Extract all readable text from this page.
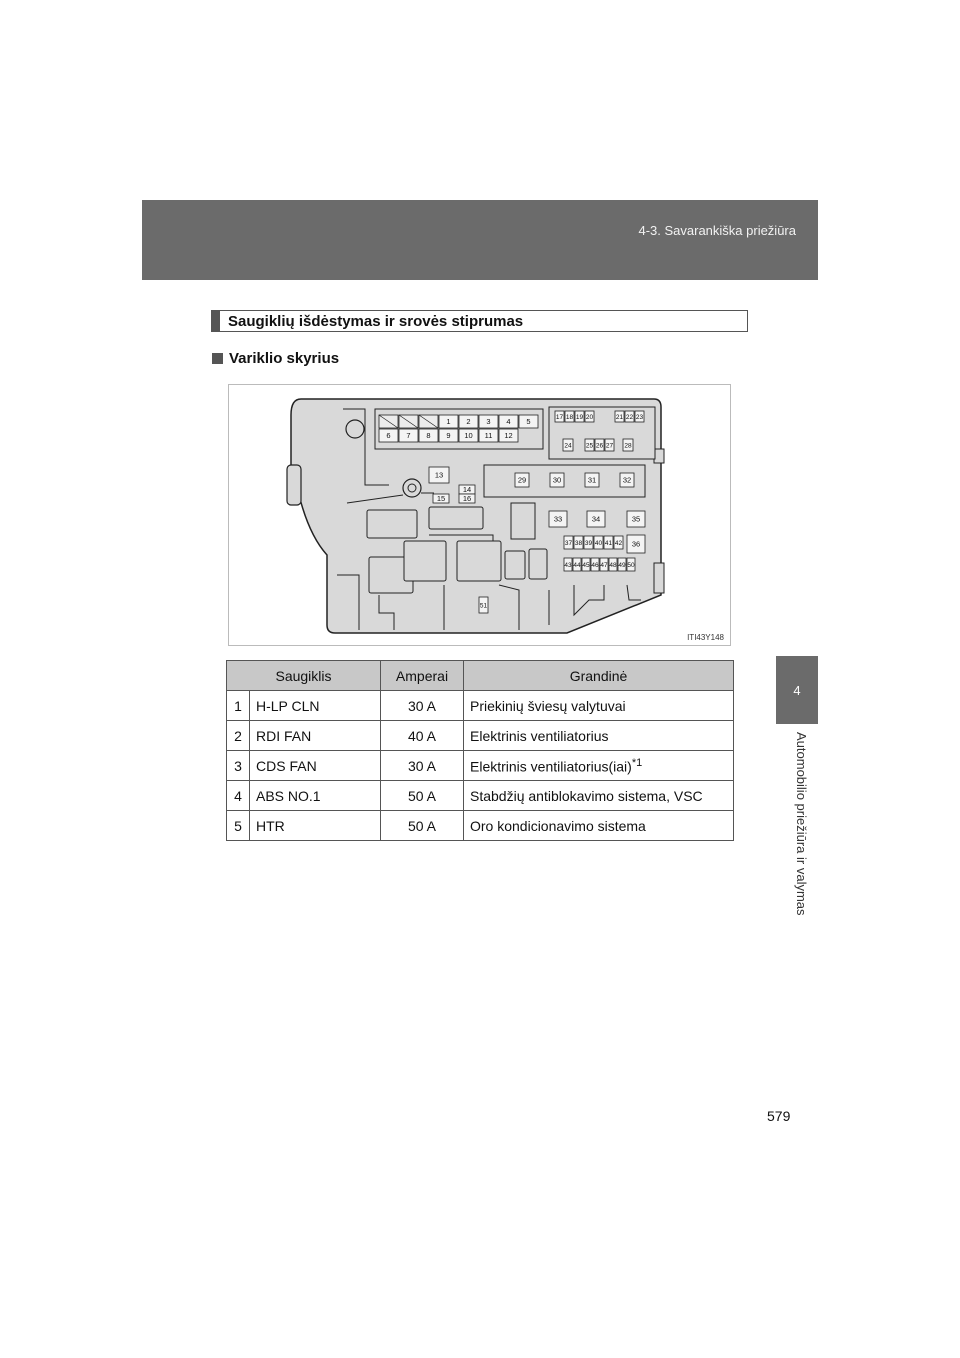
4-3. Savarankiška priežiūra
4
Automobilio priežiūra ir valymas
Saugiklių išdėstymas ir srovės stiprumas
Variklio skyrius
1 2 3 4 5
6 7 8 9 10 11 12
13
14
15 16
17 18 19 20	21 22 23
24 25 26 27 28
29	30	31	32
33	34	35
36
37 38 39 40 41 42
43 44 45 46 47 48 49 50
51
ITI43Y148
Saugiklis		Amperai	Grandinė
1	H-LP CLN	30 A	Priekinių šviesų valytuvai
2	RDI FAN	40 A	Elektrinis ventiliatorius
3	CDS FAN	30 A	Elektrinis ventiliatorius(iai)$^{*1}$
4	ABS NO.1	50 A	Stabdžių antiblokavimo sistema, VSC
5	HTR	50 A	Oro kondicionavimo sistema
579
